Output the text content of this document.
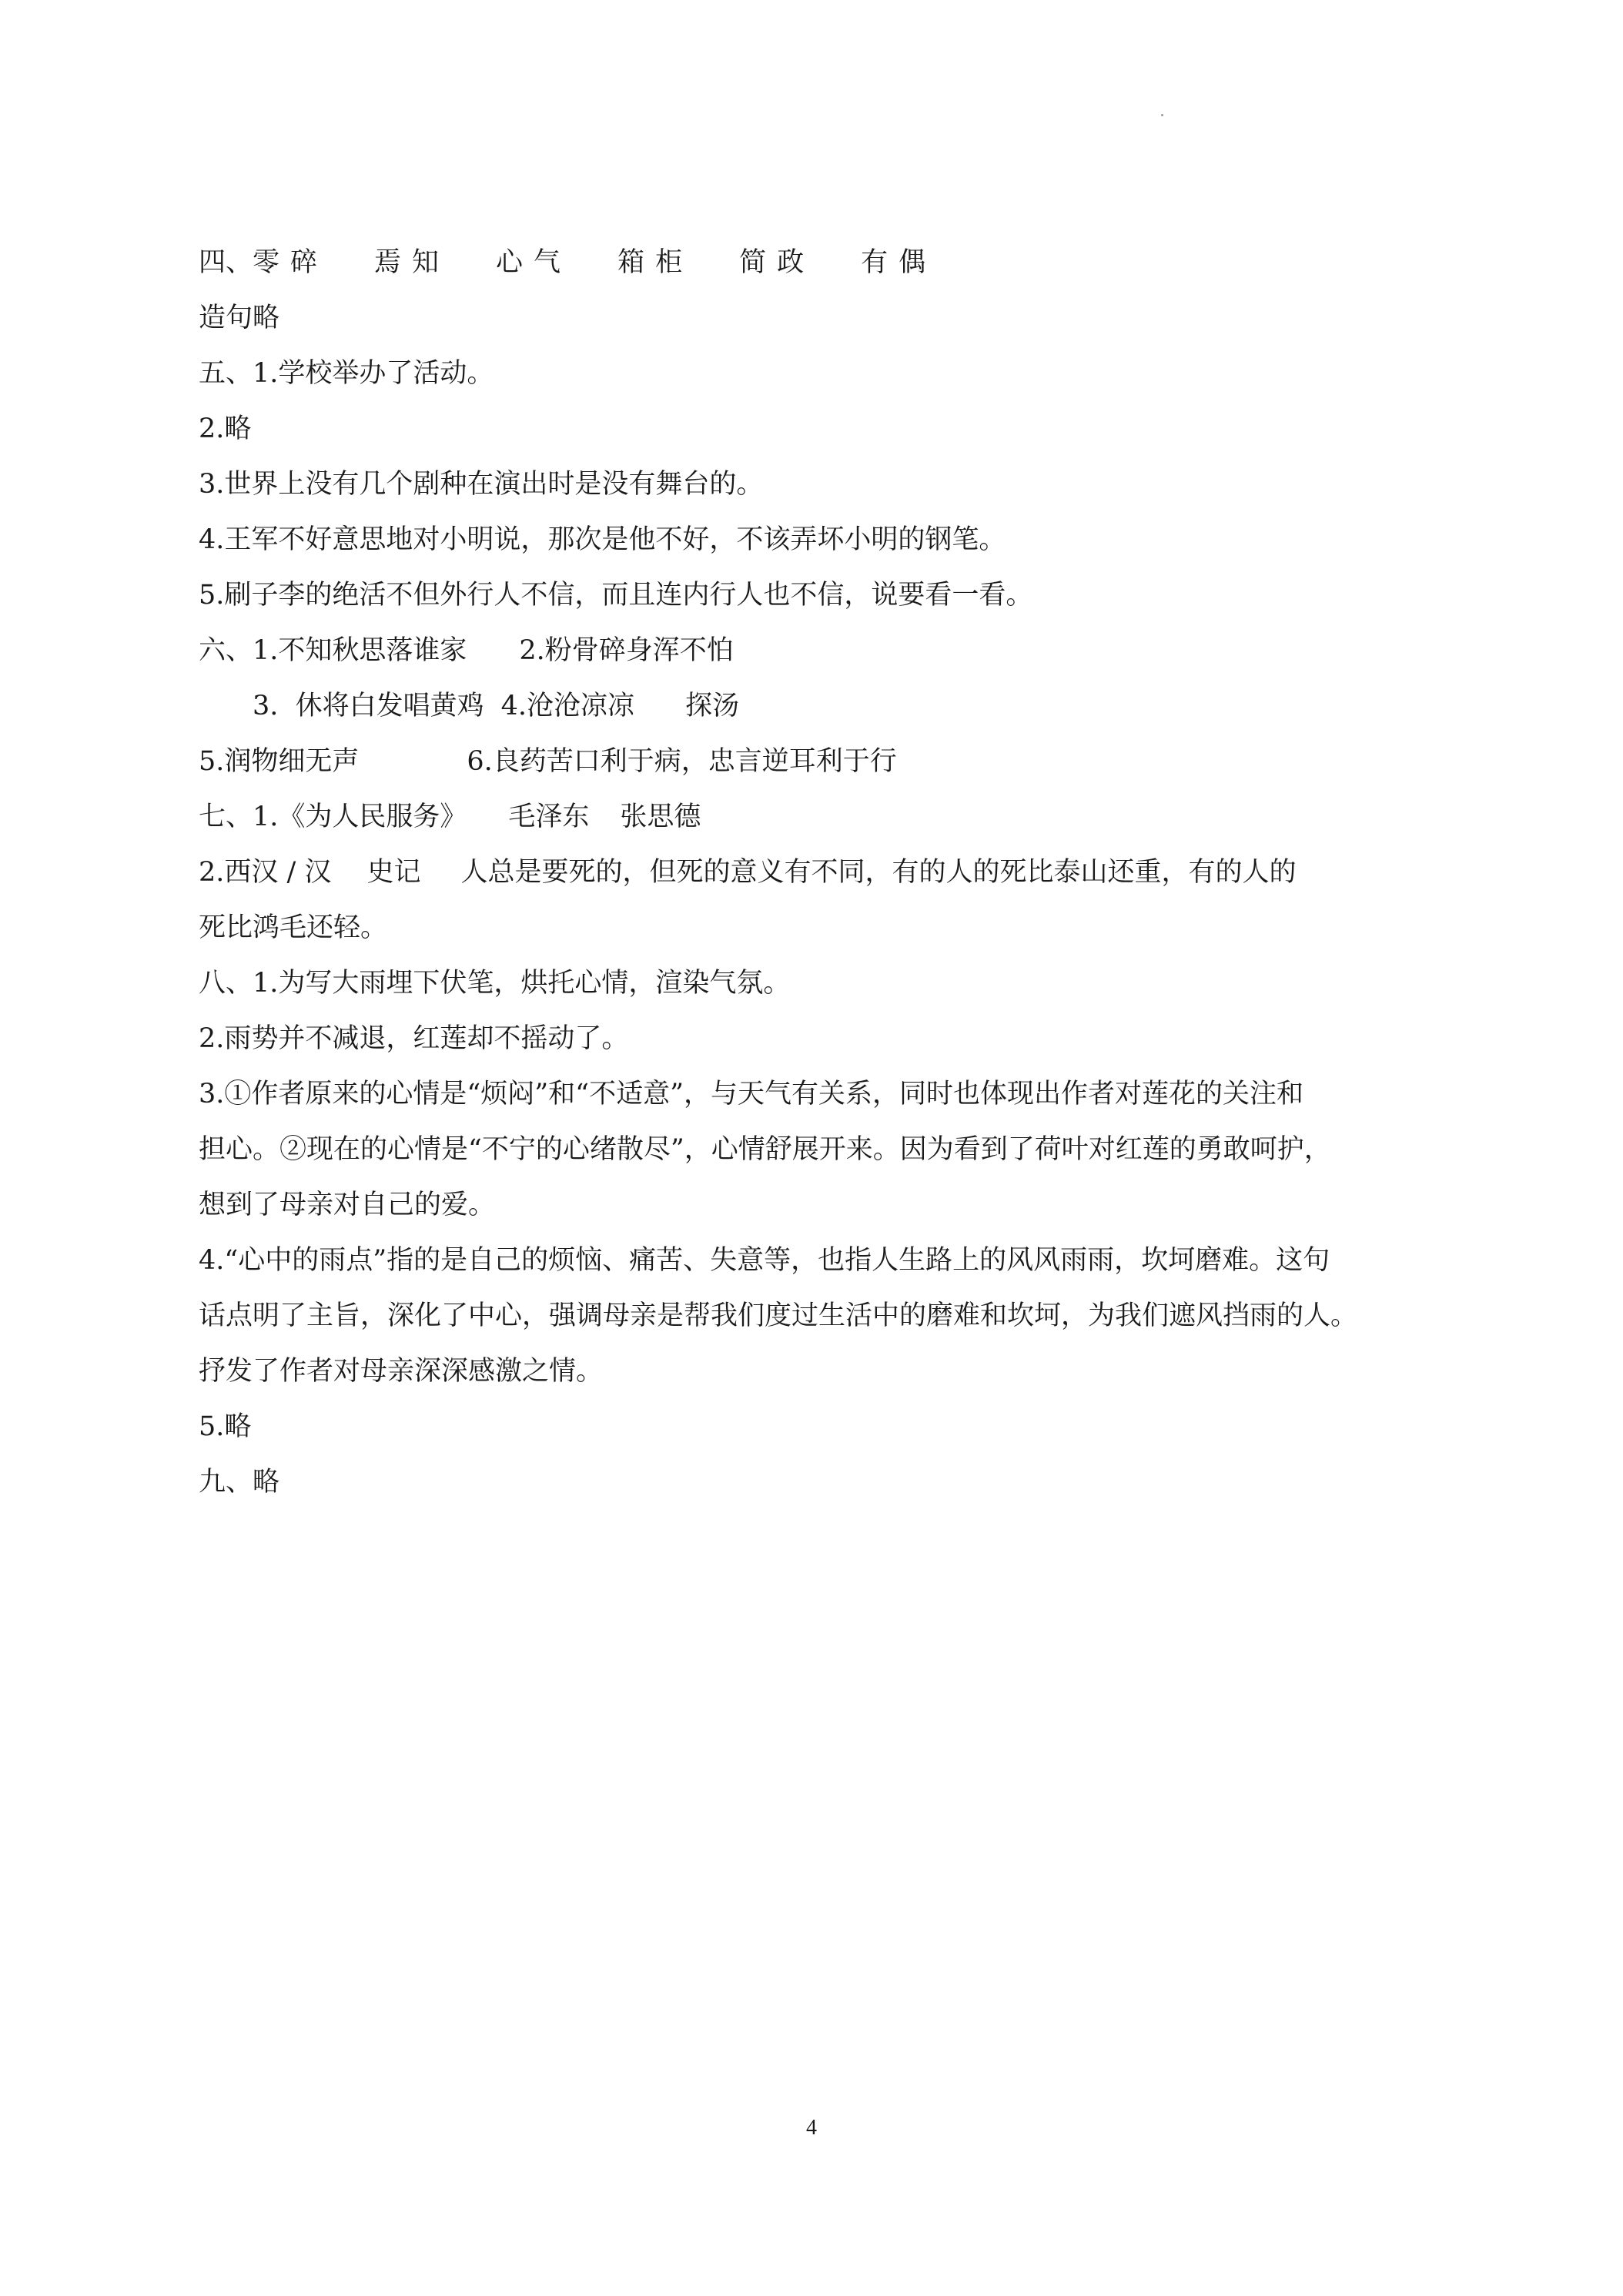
四、零碎 焉知 心气 箱柜 简政 有偶
造句略
五、1.学校举办了活动。
2.略
3.世界上没有几个剧种在演出时是没有舞台的。
4.王军不好意思地对小明说，那次是他不好，不该弄坏小明的钢笔。
5.刷子李的绝活不但外行人不信，而且连内行人也不信，说要看一看。
六、1.不知秋思落谁家 2.粉骨碎身浑不怕
3.  休将白发唱黄鸡 4.沧沧凉凉 探汤
5.润物细无声	6.良药苦口利于病，忠言逆耳利于行
七、1.《为人民服务》 毛泽东 张思德
2.西汉 / 汉 史记 人总是要死的，但死的意义有不同，有的人的死比泰山还重，有的人的
死比鸿毛还轻。
八、1.为写大雨埋下伏笔，烘托心情，渲染气氛。
2.雨势并不减退，红莲却不摇动了。
3.①作者原来的心情是“烦闷”和“不适意”，与天气有关系，同时也体现出作者对莲花的关注和
担心。②现在的心情是“不宁的心绪散尽”，心情舒展开来。因为看到了荷叶对红莲的勇敢呵护，
想到了母亲对自己的爱。
4.“心中的雨点”指的是自己的烦恼、痛苦、失意等，也指人生路上的风风雨雨，坎坷磨难。这句
话点明了主旨，深化了中心，强调母亲是帮我们度过生活中的磨难和坎坷，为我们遮风挡雨的人。
抒发了作者对母亲深深感激之情。
5.略
九、略
4
